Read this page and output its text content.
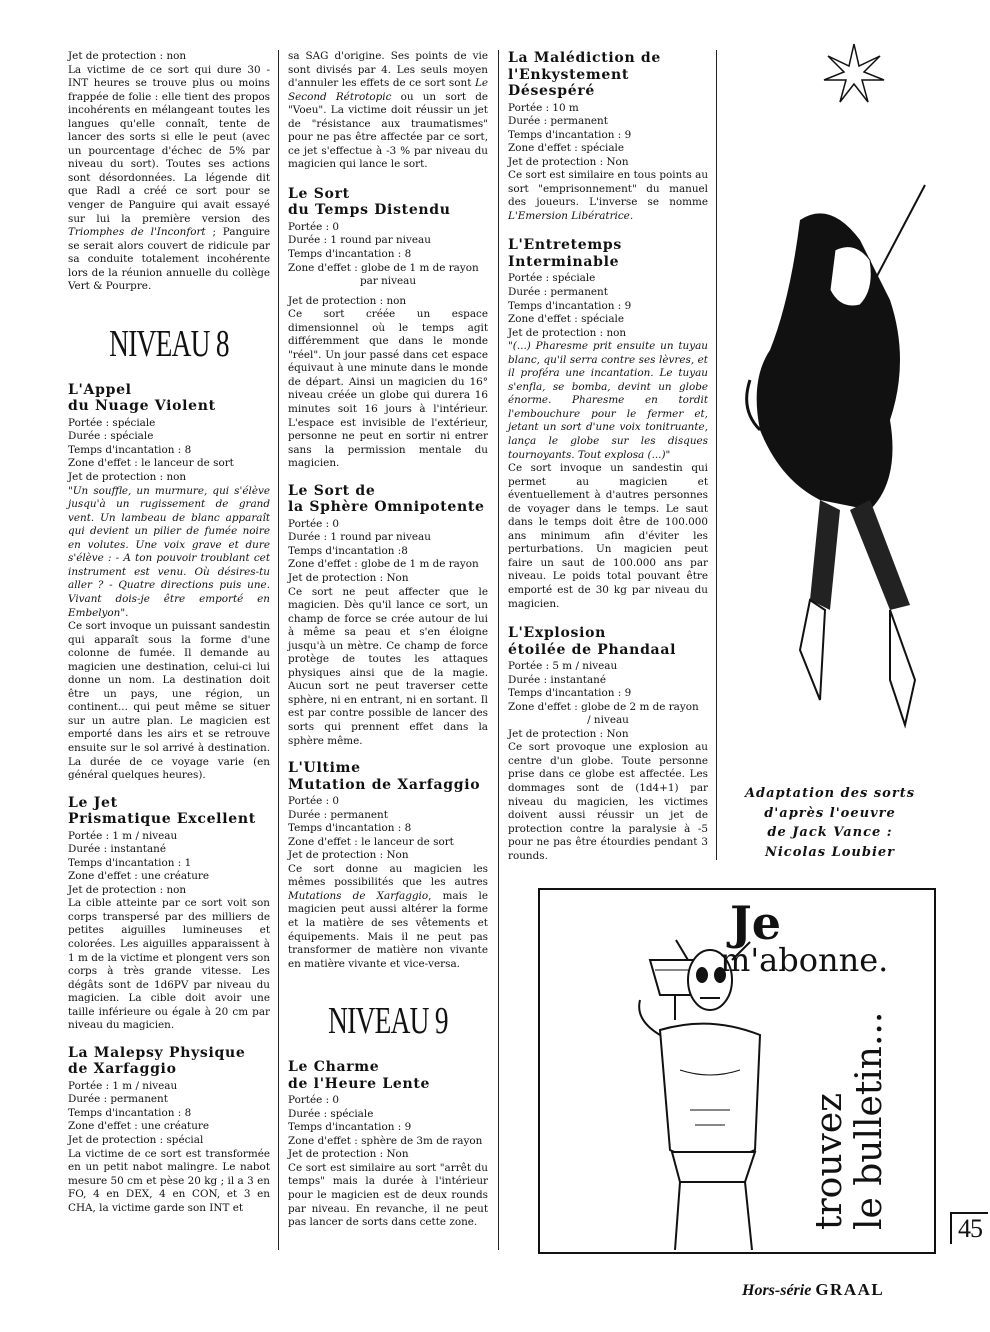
Jet de protection : non

La victime de ce sort qui dure 30 - INT heures se trouve plus ou moins frappée de folie : elle tient des propos incohérents en mélangeant toutes les langues qu'elle connaît, tente de lancer des sorts si elle le peut (avec un pourcentage d'échec de 5% par niveau du sort). Toutes ses actions sont désordonnées. La légende dit que Radl a créé ce sort pour se venger de Panguire qui avait essayé sur lui la première version des Triomphes de l'Inconfort ; Panguire se serait alors couvert de ridicule par sa conduite totalement incohérente lors de la réunion annuelle du collège Vert & Pourpre.

NIVEAU 8
L'Appel
du Nuage Violent

Portée : spéciale

Durée : spéciale

Temps d'incantation : 8

Zone d'effet : le lanceur de sort

Jet de protection : non

"Un souffle, un murmure, qui s'élève jusqu'à un rugissement de grand vent. Un lambeau de blanc apparaît qui devient un pilier de fumée noire en volutes. Une voix grave et dure s'élève : - A ton pouvoir troublant cet instrument est venu. Où désires-tu aller ? - Quatre directions puis une. Vivant dois-je être emporté en Embelyon".

Ce sort invoque un puissant sandestin qui apparaît sous la forme d'une colonne de fumée. Il demande au magicien une destination, celui-ci lui donne un nom. La destination doit être un pays, une région, un continent... qui peut même se situer sur un autre plan. Le magicien est emporté dans les airs et se retrouve ensuite sur le sol arrivé à destination. La durée de ce voyage varie (en général quelques heures).

Le Jet
Prismatique Excellent

Portée : 1 m / niveau

Durée : instantané

Temps d'incantation : 1

Zone d'effet : une créature

Jet de protection : non

La cible atteinte par ce sort voit son corps transpersé par des milliers de petites aiguilles lumineuses et colorées. Les aiguilles apparaissent à 1 m de la victime et plongent vers son corps à très grande vitesse. Les dégâts sont de 1d6PV par niveau du magicien. La cible doit avoir une taille inférieure ou égale à 20 cm par niveau du magicien.

La Malepsy Physique
de Xarfaggio

Portée : 1 m / niveau

Durée : permanent

Temps d'incantation : 8

Zone d'effet : une créature

Jet de protection : spécial

La victime de ce sort est transformée en un petit nabot malingre. Le nabot mesure 50 cm et pèse 20 kg ; il a 3 en FO, 4 en DEX, 4 en CON, et 3 en CHA, la victime garde son INT et

sa SAG d'origine. Ses points de vie sont divisés par 4. Les seuls moyen d'annuler les effets de ce sort sont Le Second Rétrotopic ou un sort de "Voeu". La victime doit réussir un jet de "résistance aux traumatismes" pour ne pas être affectée par ce sort, ce jet s'effectue à -3 % par niveau du magicien qui lance le sort.

Le Sort
du Temps Distendu

Portée : 0

Durée : 1 round par niveau

Temps d'incantation : 8

Zone d'effet : globe de 1 m de rayon

par niveau

Jet de protection : non

Ce sort créée un espace dimensionnel où le temps agit différemment que dans le monde "réel". Un jour passé dans cet espace équivaut à une minute dans le monde de départ. Ainsi un magicien du 16° niveau créée un globe qui durera 16 minutes soit 16 jours à l'intérieur. L'espace est invisible de l'extérieur, personne ne peut en sortir ni entrer sans la permission mentale du magicien.

Le Sort de
la Sphère Omnipotente

Portée : 0

Durée : 1 round par niveau

Temps d'incantation :8

Zone d'effet : globe de 1 m de rayon

Jet de protection : Non

Ce sort ne peut affecter que le magicien. Dès qu'il lance ce sort, un champ de force se crée autour de lui à même sa peau et s'en éloigne jusqu'à un mètre. Ce champ de force protège de toutes les attaques physiques ainsi que de la magie. Aucun sort ne peut traverser cette sphère, ni en entrant, ni en sortant. Il est par contre possible de lancer des sorts qui prennent effet dans la sphère même.

L'Ultime
Mutation de Xarfaggio

Portée : 0

Durée : permanent

Temps d'incantation : 8

Zone d'effet : le lanceur de sort

Jet de protection : Non

Ce sort donne au magicien les mêmes possibilités que les autres Mutations de Xarfaggio, mais le magicien peut aussi altérer la forme et la matière de ses vêtements et équipements. Mais il ne peut pas transformer de matière non vivante en matière vivante et vice-versa.

NIVEAU 9
Le Charme
de l'Heure Lente

Portée : 0

Durée : spéciale

Temps d'incantation : 9

Zone d'effet : sphère de 3m de rayon

Jet de protection : Non

Ce sort est similaire au sort "arrêt du temps" mais la durée à l'intérieur pour le magicien est de deux rounds par niveau. En revanche, il ne peut pas lancer de sorts dans cette zone.

La Malédiction de
l'Enkystement
Désespéré

Portée : 10 m

Durée : permanent

Temps d'incantation : 9

Zone d'effet : spéciale

Jet de protection : Non

Ce sort est similaire en tous points au sort "emprisonnement" du manuel des joueurs. L'inverse se nomme L'Emersion Libératrice.

L'Entretemps
Interminable

Portée : spéciale

Durée : permanent

Temps d'incantation : 9

Zone d'effet : spéciale

Jet de protection : non

"(...) Pharesme prit ensuite un tuyau blanc, qu'il serra contre ses lèvres, et il proféra une incantation. Le tuyau s'enfla, se bomba, devint un globe énorme. Pharesme en tordit l'embouchure pour le fermer et, jetant un sort d'une voix tonitruante, lança le globe sur les disques tournoyants. Tout explosa (...)"

Ce sort invoque un sandestin qui permet au magicien et éventuellement à d'autres personnes de voyager dans le temps. Le saut dans le temps doit être de 100.000 ans minimum afin d'éviter les perturbations. Un magicien peut faire un saut de 100.000 ans par niveau. Le poids total pouvant être emporté est de 30 kg par niveau du magicien.

L'Explosion
étoilée de Phandaal

Portée : 5 m / niveau

Durée : instantané

Temps d'incantation : 9

Zone d'effet : globe de 2 m de rayon

/ niveau

Jet de protection : Non

Ce sort provoque une explosion au centre d'un globe. Toute personne prise dans ce globe est affectée. Les dommages sont de (1d4+1) par niveau du magicien, les victimes doivent aussi réussir un jet de protection contre la paralysie à -5 pour ne pas être étourdies pendant 3 rounds.

Adaptation des sorts
d'après l'oeuvre
de Jack Vance :
Nicolas Loubier
Je
m'abonne.
trouvez le bulletin...	45
Hors-série GRAAL
